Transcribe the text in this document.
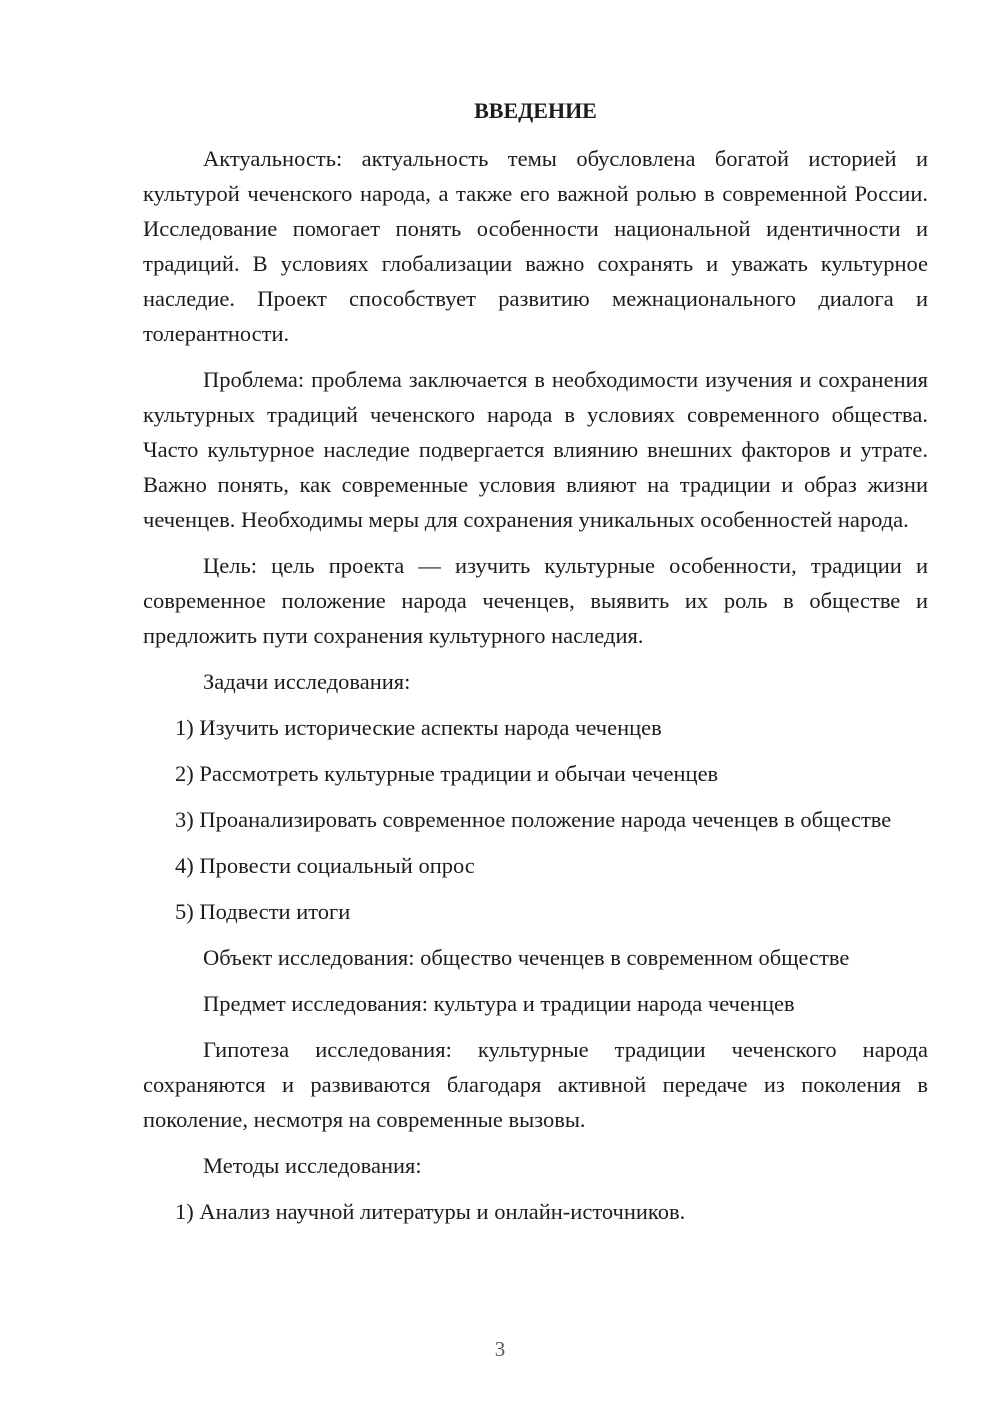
ВВЕДЕНИЕ

Актуальность: актуальность темы обусловлена богатой историей и культурой чеченского народа, а также его важной ролью в современной России. Исследование помогает понять особенности национальной идентичности и традиций. В условиях глобализации важно сохранять и уважать культурное наследие. Проект способствует развитию межнационального диалога и толерантности.

Проблема: проблема заключается в необходимости изучения и сохранения культурных традиций чеченского народа в условиях современного общества. Часто культурное наследие подвергается влиянию внешних факторов и утрате. Важно понять, как современные условия влияют на традиции и образ жизни чеченцев. Необходимы меры для сохранения уникальных особенностей народа.

Цель: цель проекта — изучить культурные особенности, традиции и современное положение народа чеченцев, выявить их роль в обществе и предложить пути сохранения культурного наследия.

Задачи исследования:

1) Изучить исторические аспекты народа чеченцев

2) Рассмотреть культурные традиции и обычаи чеченцев

3) Проанализировать современное положение народа чеченцев в обществе

4) Провести социальный опрос

5) Подвести итоги

Объект исследования: общество чеченцев в современном обществе

Предмет исследования: культура и традиции народа чеченцев

Гипотеза исследования: культурные традиции чеченского народа сохраняются и развиваются благодаря активной передаче из поколения в поколение, несмотря на современные вызовы.

Методы исследования:

1) Анализ научной литературы и онлайн-источников.

3
